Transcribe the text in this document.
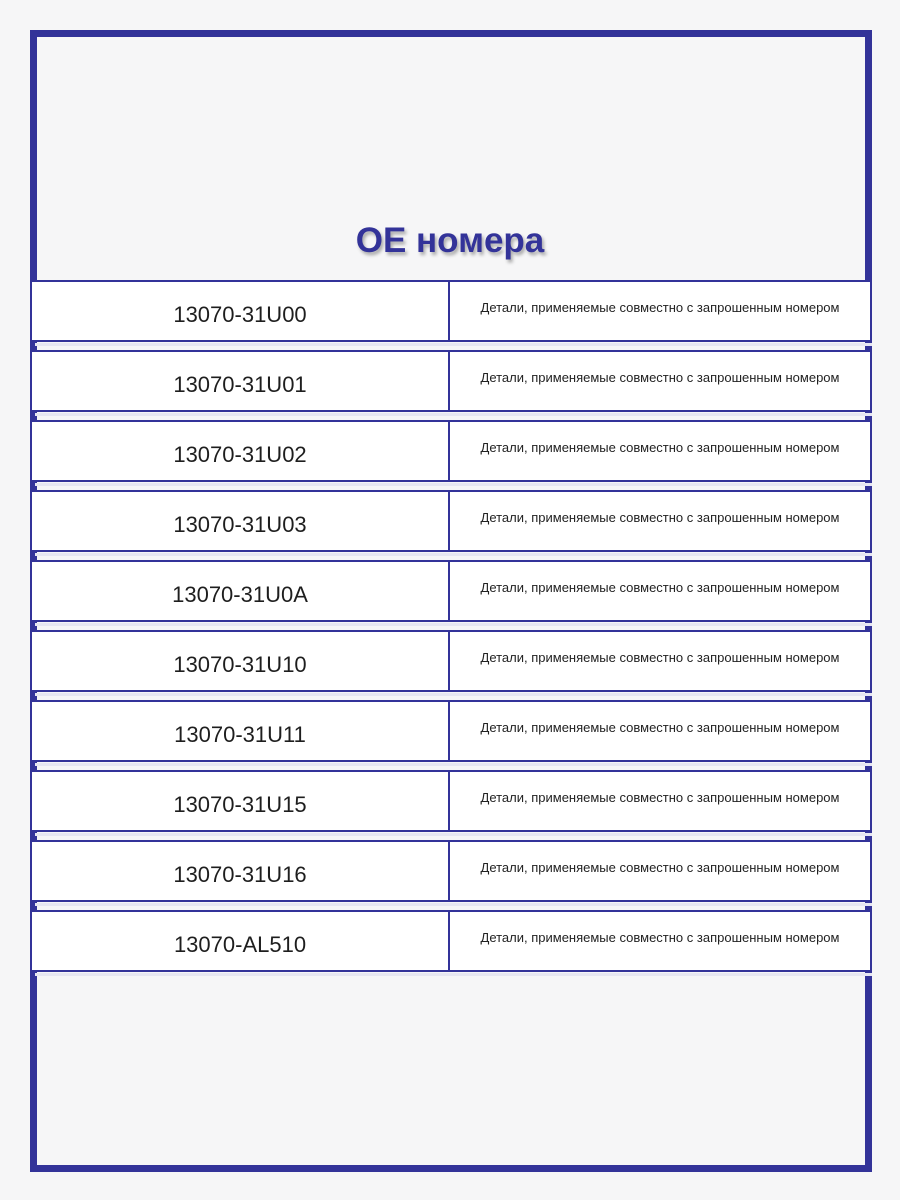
OE номера
13070-31U00	Детали, применяемые совместно с запрошенным номером
13070-31U01	Детали, применяемые совместно с запрошенным номером
13070-31U02	Детали, применяемые совместно с запрошенным номером
13070-31U03	Детали, применяемые совместно с запрошенным номером
13070-31U0A	Детали, применяемые совместно с запрошенным номером
13070-31U10	Детали, применяемые совместно с запрошенным номером
13070-31U11	Детали, применяемые совместно с запрошенным номером
13070-31U15	Детали, применяемые совместно с запрошенным номером
13070-31U16	Детали, применяемые совместно с запрошенным номером
13070-AL510	Детали, применяемые совместно с запрошенным номером
